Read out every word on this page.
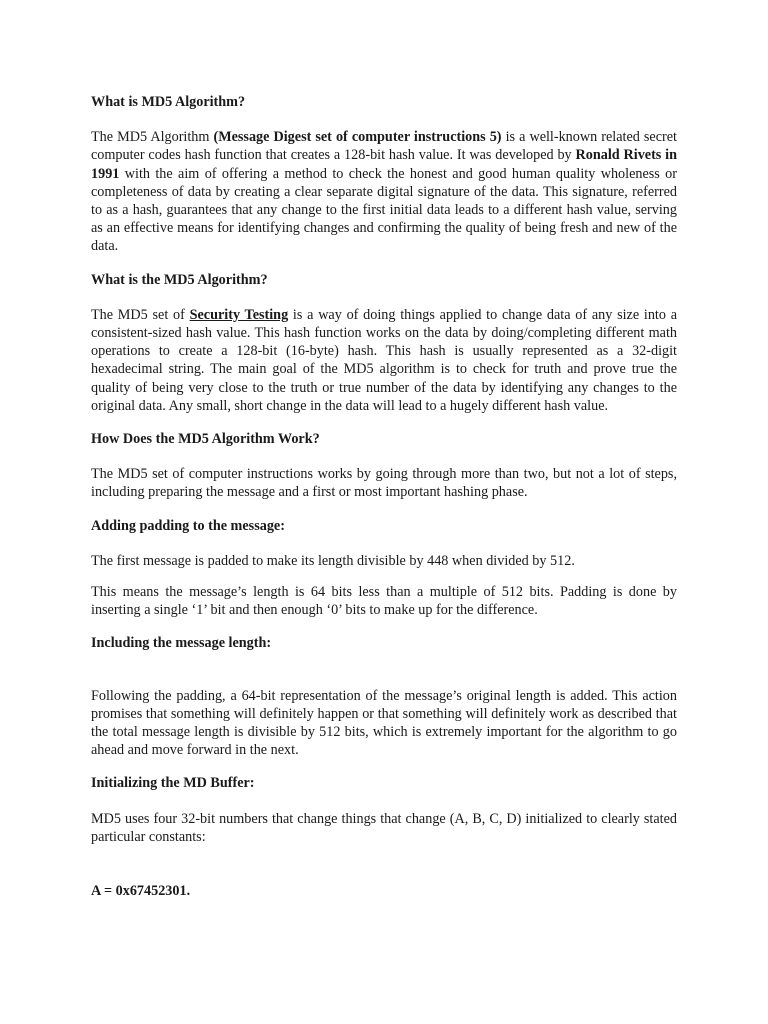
What is MD5 Algorithm?

The MD5 Algorithm (Message Digest set of computer instructions 5) is a well-known related secret computer codes hash function that creates a 128-bit hash value. It was developed by Ronald Rivets in 1991 with the aim of offering a method to check the honest and good human quality wholeness or completeness of data by creating a clear separate digital signature of the data. This signature, referred to as a hash, guarantees that any change to the first initial data leads to a different hash value, serving as an effective means for identifying changes and confirming the quality of being fresh and new of the data.

What is the MD5 Algorithm?

The MD5 set of Security Testing is a way of doing things applied to change data of any size into a consistent-sized hash value. This hash function works on the data by doing/completing different math operations to create a 128-bit (16-byte) hash. This hash is usually represented as a 32-digit hexadecimal string. The main goal of the MD5 algorithm is to check for truth and prove true the quality of being very close to the truth or true number of the data by identifying any changes to the original data. Any small, short change in the data will lead to a hugely different hash value.

How Does the MD5 Algorithm Work?

The MD5 set of computer instructions works by going through more than two, but not a lot of steps, including preparing the message and a first or most important hashing phase.

Adding padding to the message:

The first message is padded to make its length divisible by 448 when divided by 512.

This means the message’s length is 64 bits less than a multiple of 512 bits. Padding is done by inserting a single ‘1’ bit and then enough ‘0’ bits to make up for the difference.

Including the message length:

Following the padding, a 64-bit representation of the message’s original length is added. This action promises that something will definitely happen or that something will definitely work as described that the total message length is divisible by 512 bits, which is extremely important for the algorithm to go ahead and move forward in the next.

Initializing the MD Buffer:

MD5 uses four 32-bit numbers that change things that change (A, B, C, D) initialized to clearly stated particular constants:

A = 0x67452301.
